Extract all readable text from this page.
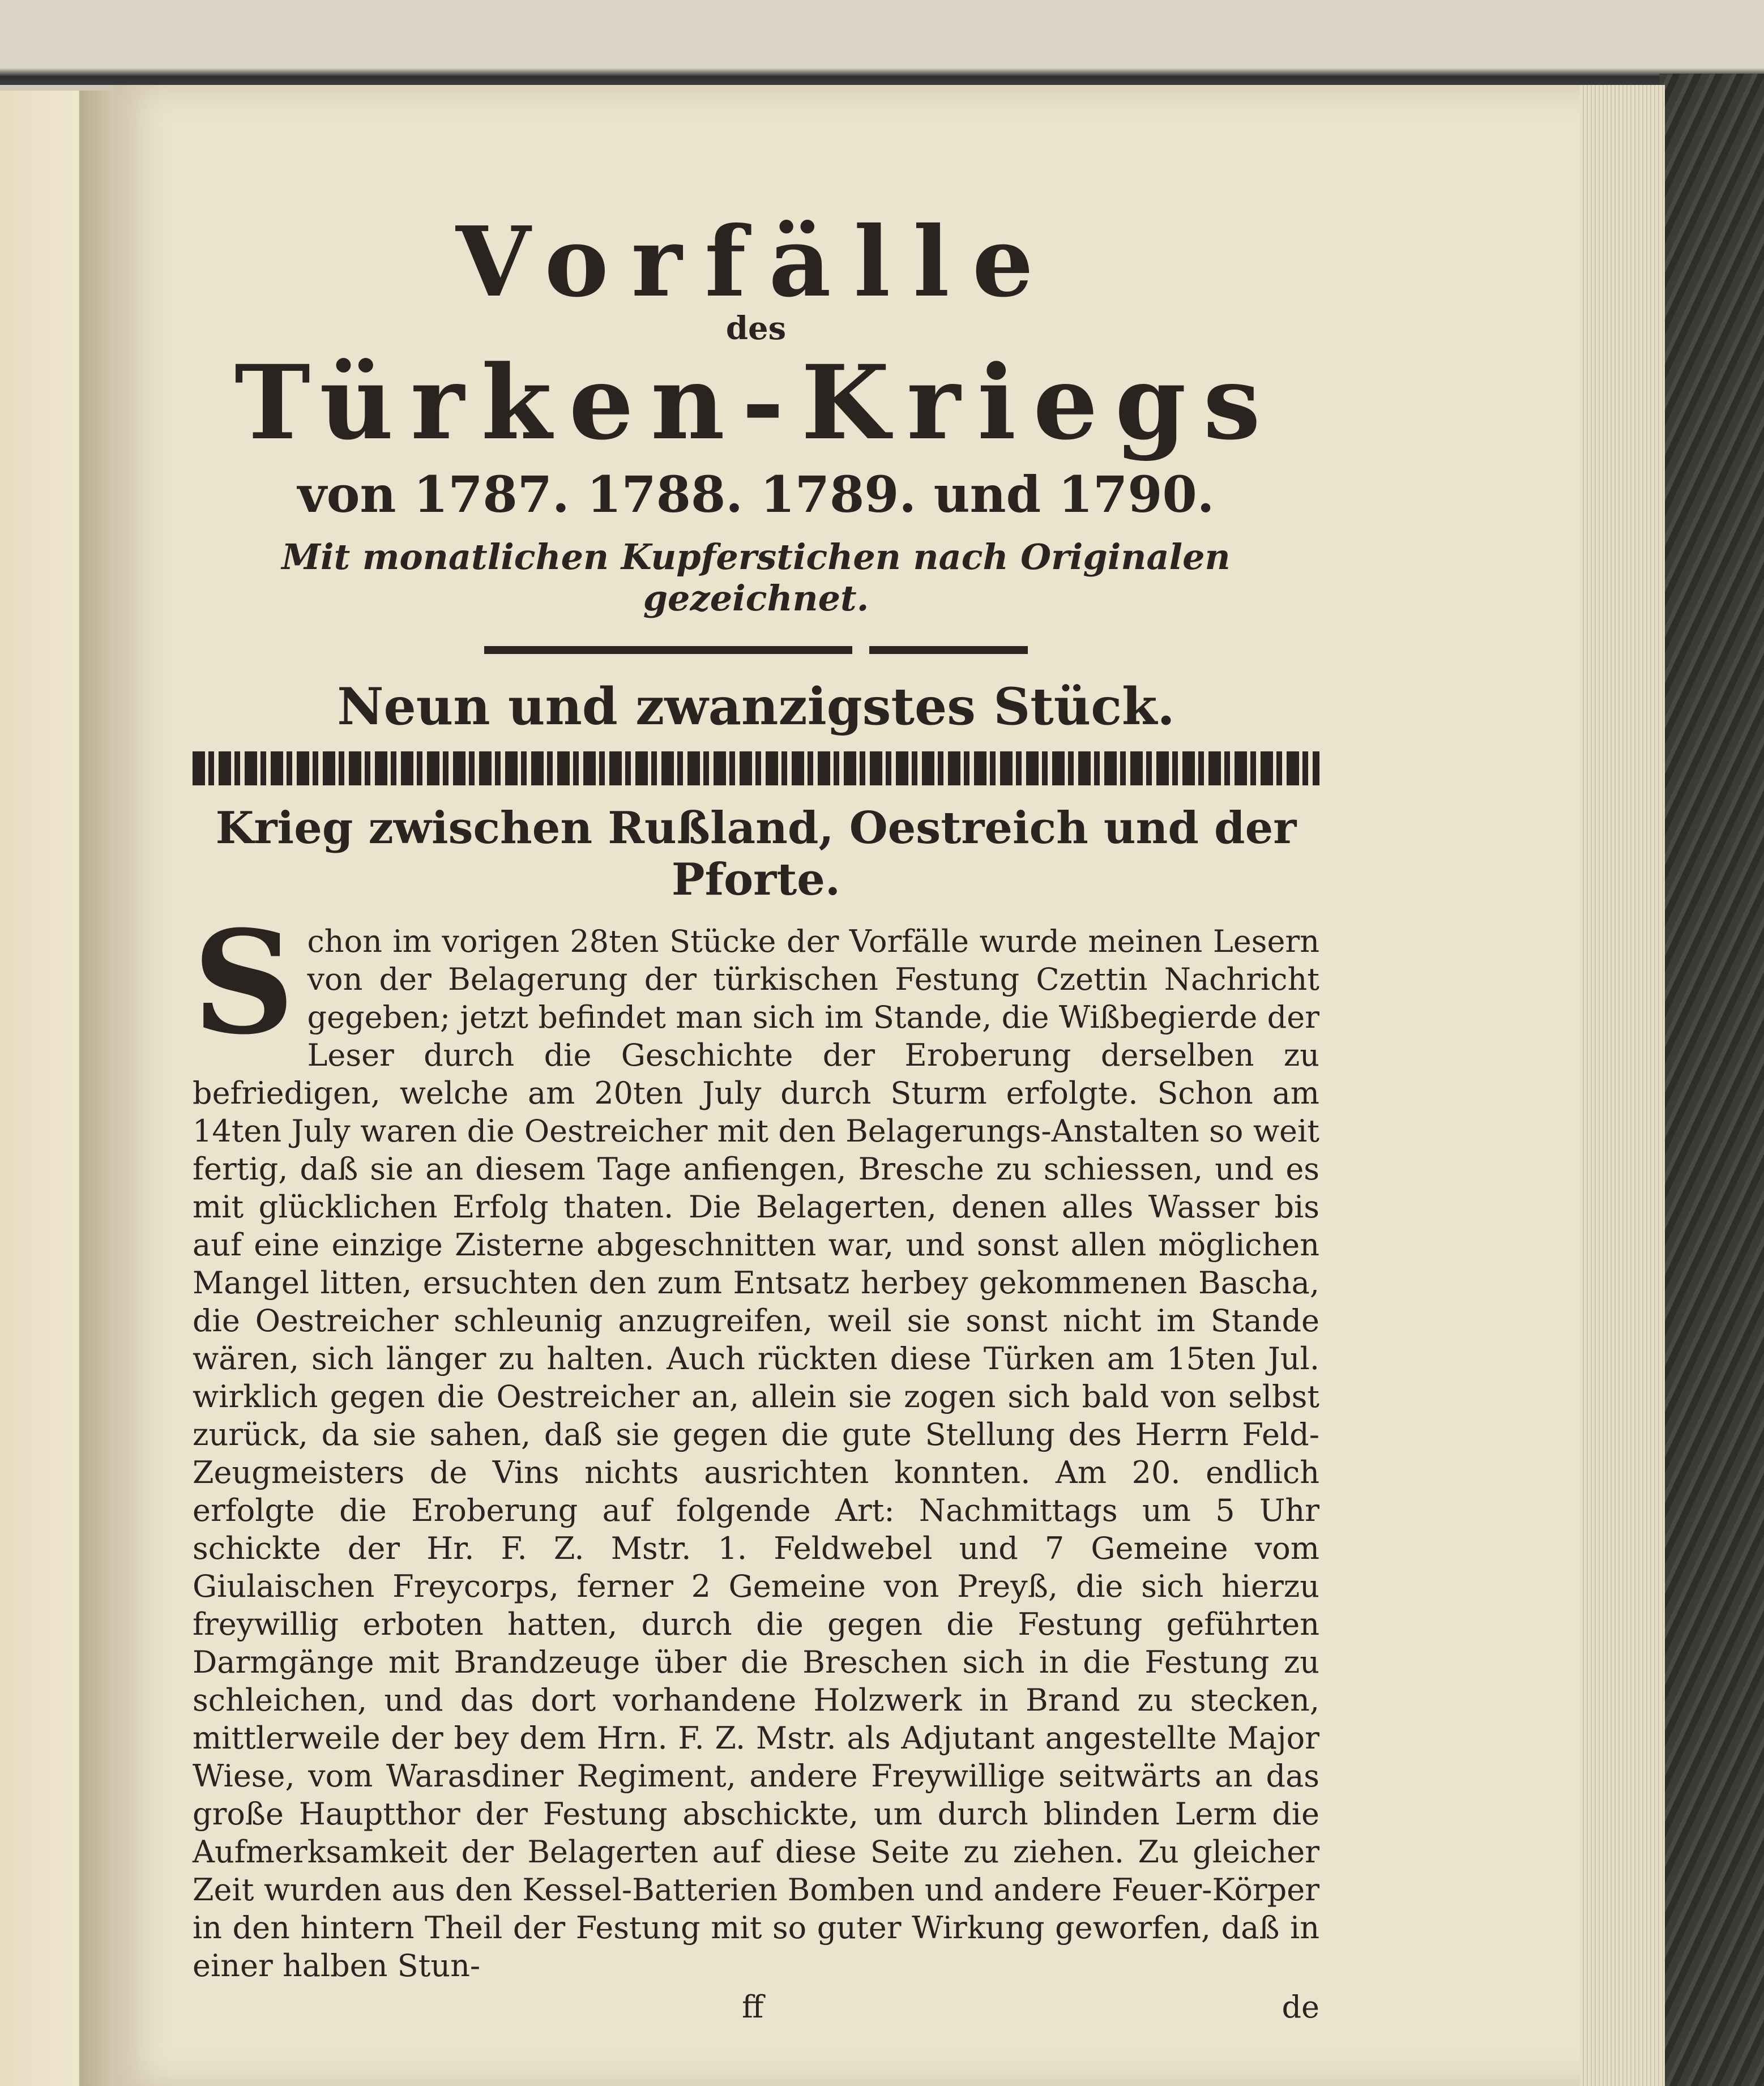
Vorfälle
des
Türken-Kriegs
von 1787. 1788. 1789. und 1790.
Mit monatlichen Kupferstichen nach Originalen gezeichnet.
Neun und zwanzigstes Stück.
Krieg zwischen Rußland, Oestreich und der Pforte.
Schon im vorigen 28ten Stücke der Vorfälle wurde meinen Lesern von der Belagerung der türkischen Festung Czettin Nachricht gegeben; jetzt befindet man sich im Stande, die Wißbegierde der Leser durch die Geschichte der Eroberung derselben zu befriedigen, welche am 20ten July durch Sturm erfolgte. Schon am 14ten July waren die Oestreicher mit den Belagerungs-Anstalten so weit fertig, daß sie an diesem Tage anfiengen, Bresche zu schiessen, und es mit glücklichen Erfolg thaten. Die Belagerten, denen alles Wasser bis auf eine einzige Zisterne abgeschnitten war, und sonst allen möglichen Mangel litten, ersuchten den zum Entsatz herbey gekommenen Bascha, die Oestreicher schleunig anzugreifen, weil sie sonst nicht im Stande wären, sich länger zu halten. Auch rückten diese Türken am 15ten Jul. wirklich gegen die Oestreicher an, allein sie zogen sich bald von selbst zurück, da sie sahen, daß sie gegen die gute Stellung des Herrn Feld-Zeugmeisters de Vins nichts ausrichten konnten. Am 20. endlich erfolgte die Eroberung auf folgende Art: Nachmittags um 5 Uhr schickte der Hr. F. Z. Mstr. 1. Feldwebel und 7 Gemeine vom Giulaischen Freycorps, ferner 2 Gemeine von Preyß, die sich hierzu freywillig erboten hatten, durch die gegen die Festung geführten Darmgänge mit Brandzeuge über die Breschen sich in die Festung zu schleichen, und das dort vorhandene Holzwerk in Brand zu stecken, mittlerweile der bey dem Hrn. F. Z. Mstr. als Adjutant angestellte Major Wiese, vom Warasdiner Regiment, andere Freywillige seitwärts an das große Hauptthor der Festung abschickte, um durch blinden Lerm die Aufmerksamkeit der Belagerten auf diese Seite zu ziehen. Zu gleicher Zeit wurden aus den Kessel-Batterien Bomben und andere Feuer-Körper in den hintern Theil der Festung mit so guter Wirkung geworfen, daß in einer halben Stun-
ff	de
